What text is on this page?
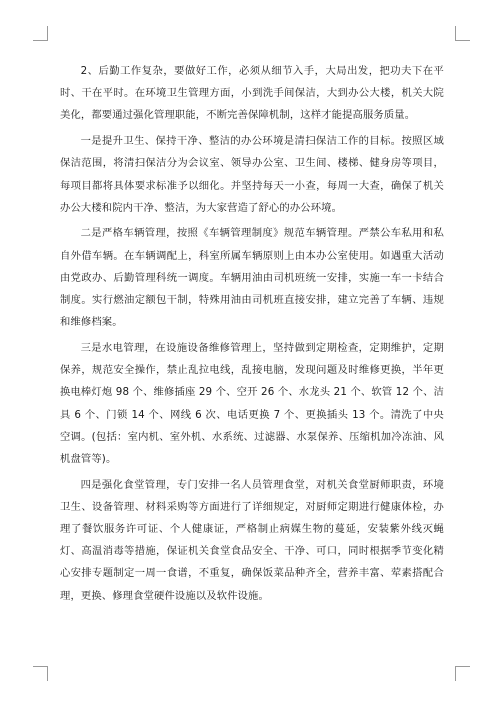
2、后勤工作复杂，要做好工作，必须从细节入手，大局出发，把功夫下在平时、干在平时。在环境卫生管理方面，小到洗手间保洁，大到办公大楼，机关大院美化，都要通过强化管理职能，不断完善保障机制，这样才能提高服务质量。

一是提升卫生、保持干净、整洁的办公环境是清扫保洁工作的目标。按照区域保洁范围，将清扫保洁分为会议室、领导办公室、卫生间、楼梯、健身房等项目，每项目都将具体要求标准予以细化。并坚持每天一小查，每周一大查，确保了机关办公大楼和院内干净、整洁，为大家营造了舒心的办公环境。

二是严格车辆管理，按照《车辆管理制度》规范车辆管理。严禁公车私用和私自外借车辆。在车辆调配上，科室所属车辆原则上由本办公室使用。如遇重大活动由党政办、后勤管理科统一调度。车辆用油由司机班统一安排，实施一车一卡结合制度。实行燃油定额包干制，特殊用油由司机班直接安排，建立完善了车辆、违规和维修档案。

三是水电管理，在设施设备维修管理上，坚持做到定期检查，定期维护，定期保养，规范安全操作，禁止乱拉电线，乱接电脑，发现问题及时维修更换，半年更换电棒灯炮 98 个、维修插座 29 个、空开 26 个、水龙头 21 个、软管 12 个、洁具 6 个、门锁 14 个、网线 6 次、电话更换 7 个、更换插头 13 个。清洗了中央空调。(包括：室内机、室外机、水系统、过滤器、水泵保养、压缩机加冷冻油、风机盘管等)。

四是强化食堂管理，专门安排一名人员管理食堂，对机关食堂厨师职责，环境卫生、设备管理、材料采购等方面进行了详细规定，对厨师定期进行健康体检，办理了餐饮服务许可证、个人健康证，严格制止病媒生物的蔓延，安装紫外线灭蝇灯、高温消毒等措施，保证机关食堂食品安全、干净、可口，同时根据季节变化精心安排专题制定一周一食谱，不重复，确保饭菜品种齐全，营养丰富、荤素搭配合理，更换、修理食堂硬件设施以及软件设施。
